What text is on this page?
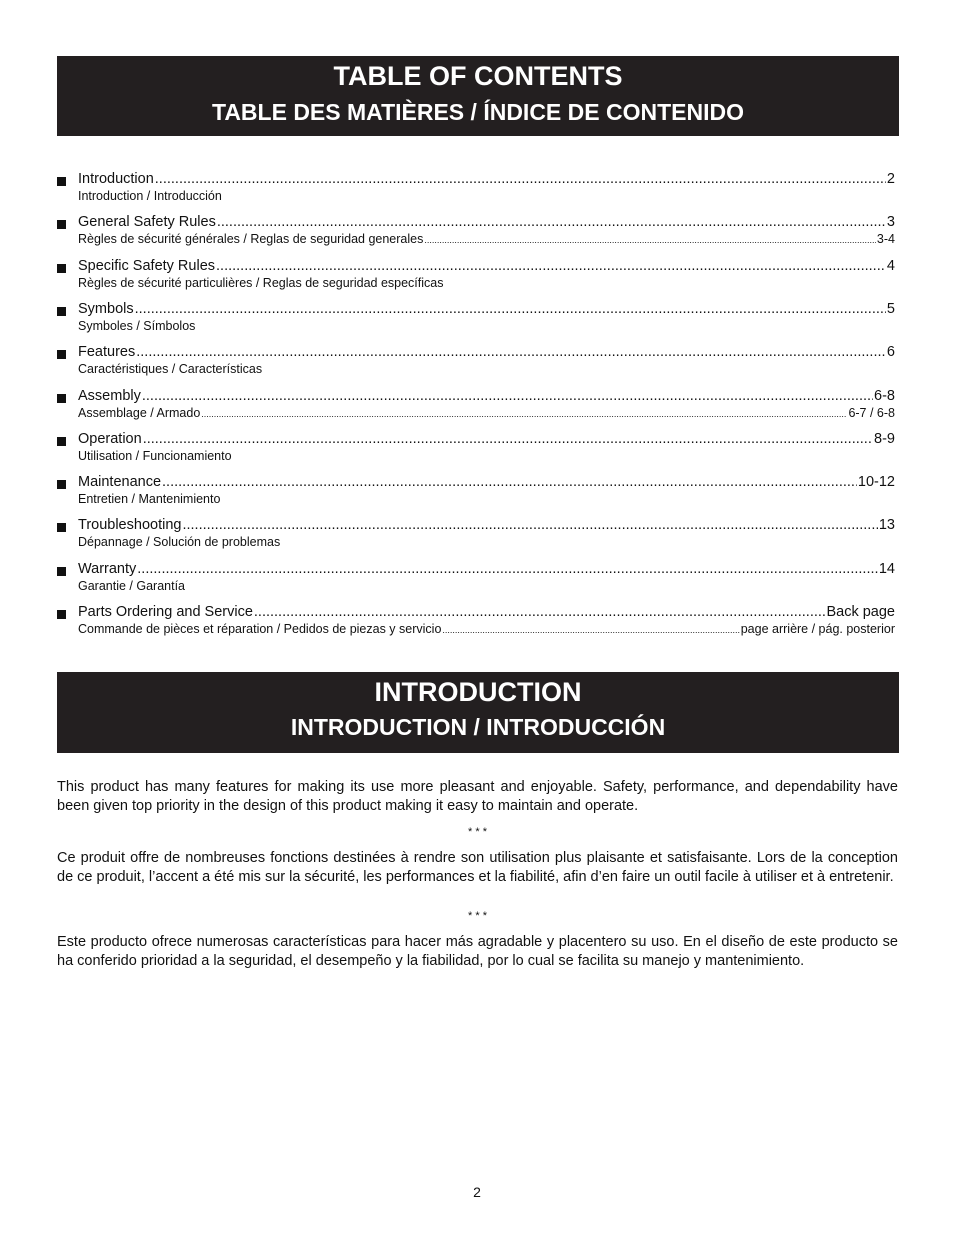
TABLE OF CONTENTS
TABLE DES MATIÈRES / ÍNDICE DE CONTENIDO
Introduction .....	2
Introduction / Introducción
General Safety Rules .....	3
Règles de sécurité générales / Reglas de seguridad generales .....	3-4
Specific Safety Rules .....	4
Règles de sécurité particulières / Reglas de seguridad específicas
Symbols .....	5
Symboles / Símbolos
Features .....	6
Caractéristiques / Características
Assembly .....	6-8
Assemblage / Armado .....	6-7 / 6-8
Operation .....	8-9
Utilisation / Funcionamiento
Maintenance .....	10-12
Entretien / Mantenimiento
Troubleshooting .....	13
Dépannage / Solución de problemas
Warranty .....	14
Garantie / Garantía
Parts Ordering and Service .....	Back page
Commande de pièces et réparation / Pedidos de piezas y servicio .....	page arrière / pág. posterior
INTRODUCTION
INTRODUCTION / INTRODUCCIÓN
This product has many features for making its use more pleasant and enjoyable. Safety, performance, and dependability have been given top priority in the design of this product making it easy to maintain and operate.
* * *
Ce produit offre de nombreuses fonctions destinées à rendre son utilisation plus plaisante et satisfaisante. Lors de la conception de ce produit, l’accent a été mis sur la sécurité, les performances et la fiabilité, afin d’en faire un outil facile à utiliser et à entretenir.
* * *
Este producto ofrece numerosas características para hacer más agradable y placentero su uso. En el diseño de este producto se ha conferido prioridad a la seguridad, el desempeño y la fiabilidad, por lo cual se facilita su manejo y mantenimiento.
2
